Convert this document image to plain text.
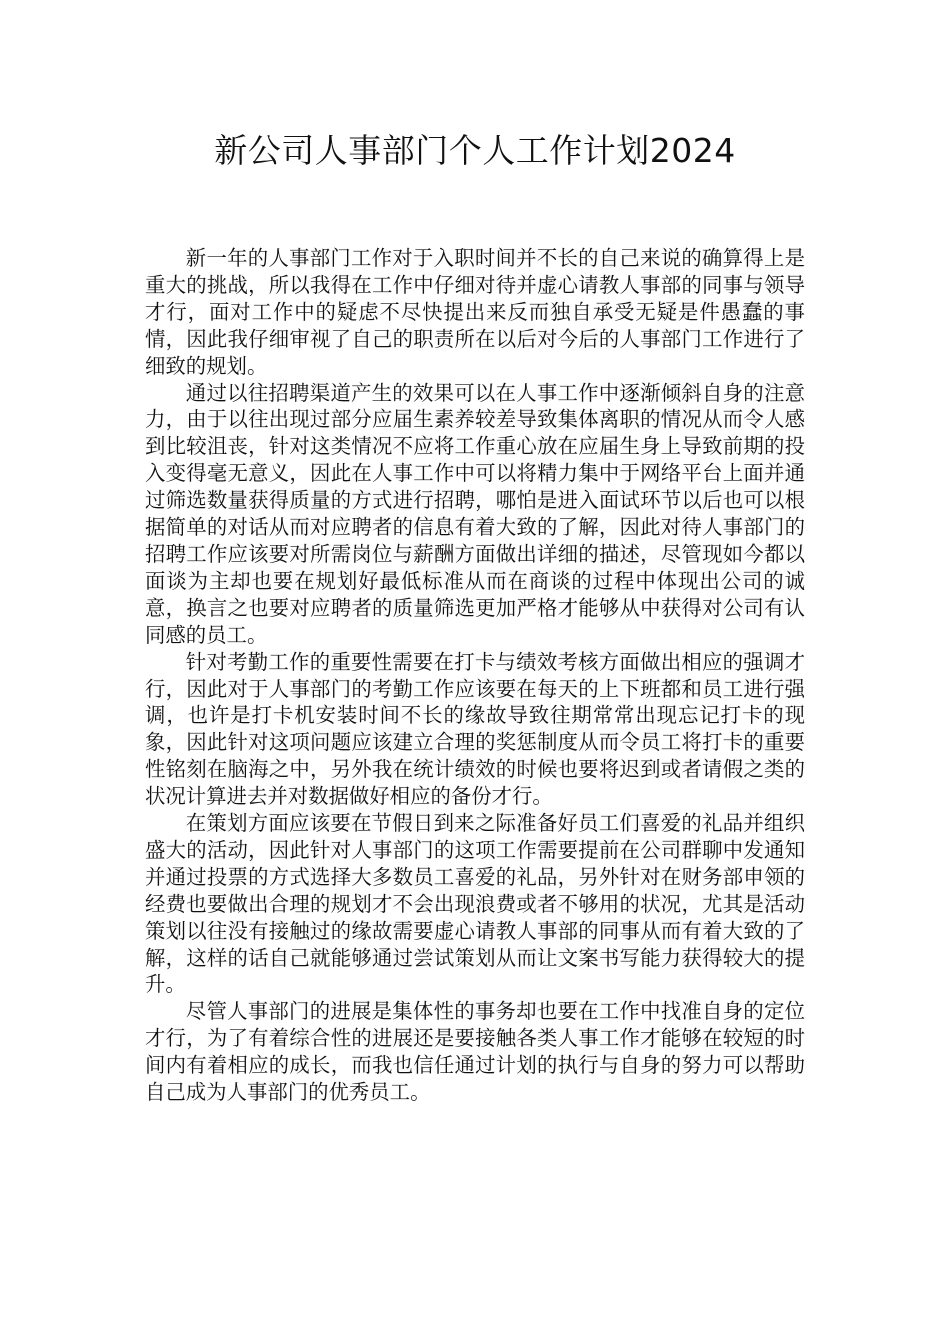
新公司人事部门个人工作计划2024

新一年的人事部门工作对于入职时间并不长的自己来说的确算得上是重大的挑战，所以我得在工作中仔细对待并虚心请教人事部的同事与领导才行，面对工作中的疑虑不尽快提出来反而独自承受无疑是件愚蠢的事情，因此我仔细审视了自己的职责所在以后对今后的人事部门工作进行了细致的规划。

通过以往招聘渠道产生的效果可以在人事工作中逐渐倾斜自身的注意力，由于以往出现过部分应届生素养较差导致集体离职的情况从而令人感到比较沮丧，针对这类情况不应将工作重心放在应届生身上导致前期的投入变得毫无意义，因此在人事工作中可以将精力集中于网络平台上面并通过筛选数量获得质量的方式进行招聘，哪怕是进入面试环节以后也可以根据简单的对话从而对应聘者的信息有着大致的了解，因此对待人事部门的招聘工作应该要对所需岗位与薪酬方面做出详细的描述，尽管现如今都以面谈为主却也要在规划好最低标准从而在商谈的过程中体现出公司的诚意，换言之也要对应聘者的质量筛选更加严格才能够从中获得对公司有认同感的员工。

针对考勤工作的重要性需要在打卡与绩效考核方面做出相应的强调才行，因此对于人事部门的考勤工作应该要在每天的上下班都和员工进行强调，也许是打卡机安装时间不长的缘故导致往期常常出现忘记打卡的现象，因此针对这项问题应该建立合理的奖惩制度从而令员工将打卡的重要性铭刻在脑海之中，另外我在统计绩效的时候也要将迟到或者请假之类的状况计算进去并对数据做好相应的备份才行。

在策划方面应该要在节假日到来之际准备好员工们喜爱的礼品并组织盛大的活动，因此针对人事部门的这项工作需要提前在公司群聊中发通知并通过投票的方式选择大多数员工喜爱的礼品，另外针对在财务部申领的经费也要做出合理的规划才不会出现浪费或者不够用的状况，尤其是活动策划以往没有接触过的缘故需要虚心请教人事部的同事从而有着大致的了解，这样的话自己就能够通过尝试策划从而让文案书写能力获得较大的提升。

尽管人事部门的进展是集体性的事务却也要在工作中找准自身的定位才行，为了有着综合性的进展还是要接触各类人事工作才能够在较短的时间内有着相应的成长，而我也信任通过计划的执行与自身的努力可以帮助自己成为人事部门的优秀员工。
